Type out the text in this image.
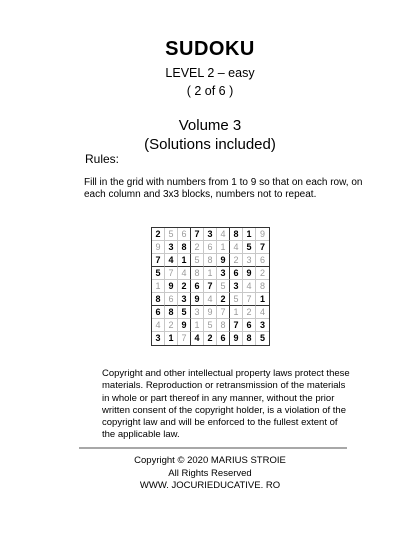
SUDOKU
LEVEL 2 – easy
( 2 of 6 )
Volume 3
(Solutions included)
Rules:
Fill in the grid with numbers from 1 to 9 so that on each row, on each column and 3x3 blocks, numbers not to repeat.
2 5 6 7 3 4 8 1 9
9 3 8 2 6 1 4 5 7
7 4 1 5 8 9 2 3 6
5 7 4 8 1 3 6 9 2
1 9 2 6 7 5 3 4 8
8 6 3 9 4 2 5 7 1
6 8 5 3 9 7 1 2 4
4 2 9 1 5 8 7 6 3
3 1 7 4 2 6 9 8 5
Copyright and other intellectual property laws protect these materials. Reproduction or retransmission of the materials in whole or part thereof in any manner, without the prior written consent of the copyright holder, is a violation of the copyright law and will be enforced to the fullest extent of the applicable law.
Copyright © 2020 MARIUS STROIE
All Rights Reserved
WWW. JOCURIEDUCATIVE. RO
